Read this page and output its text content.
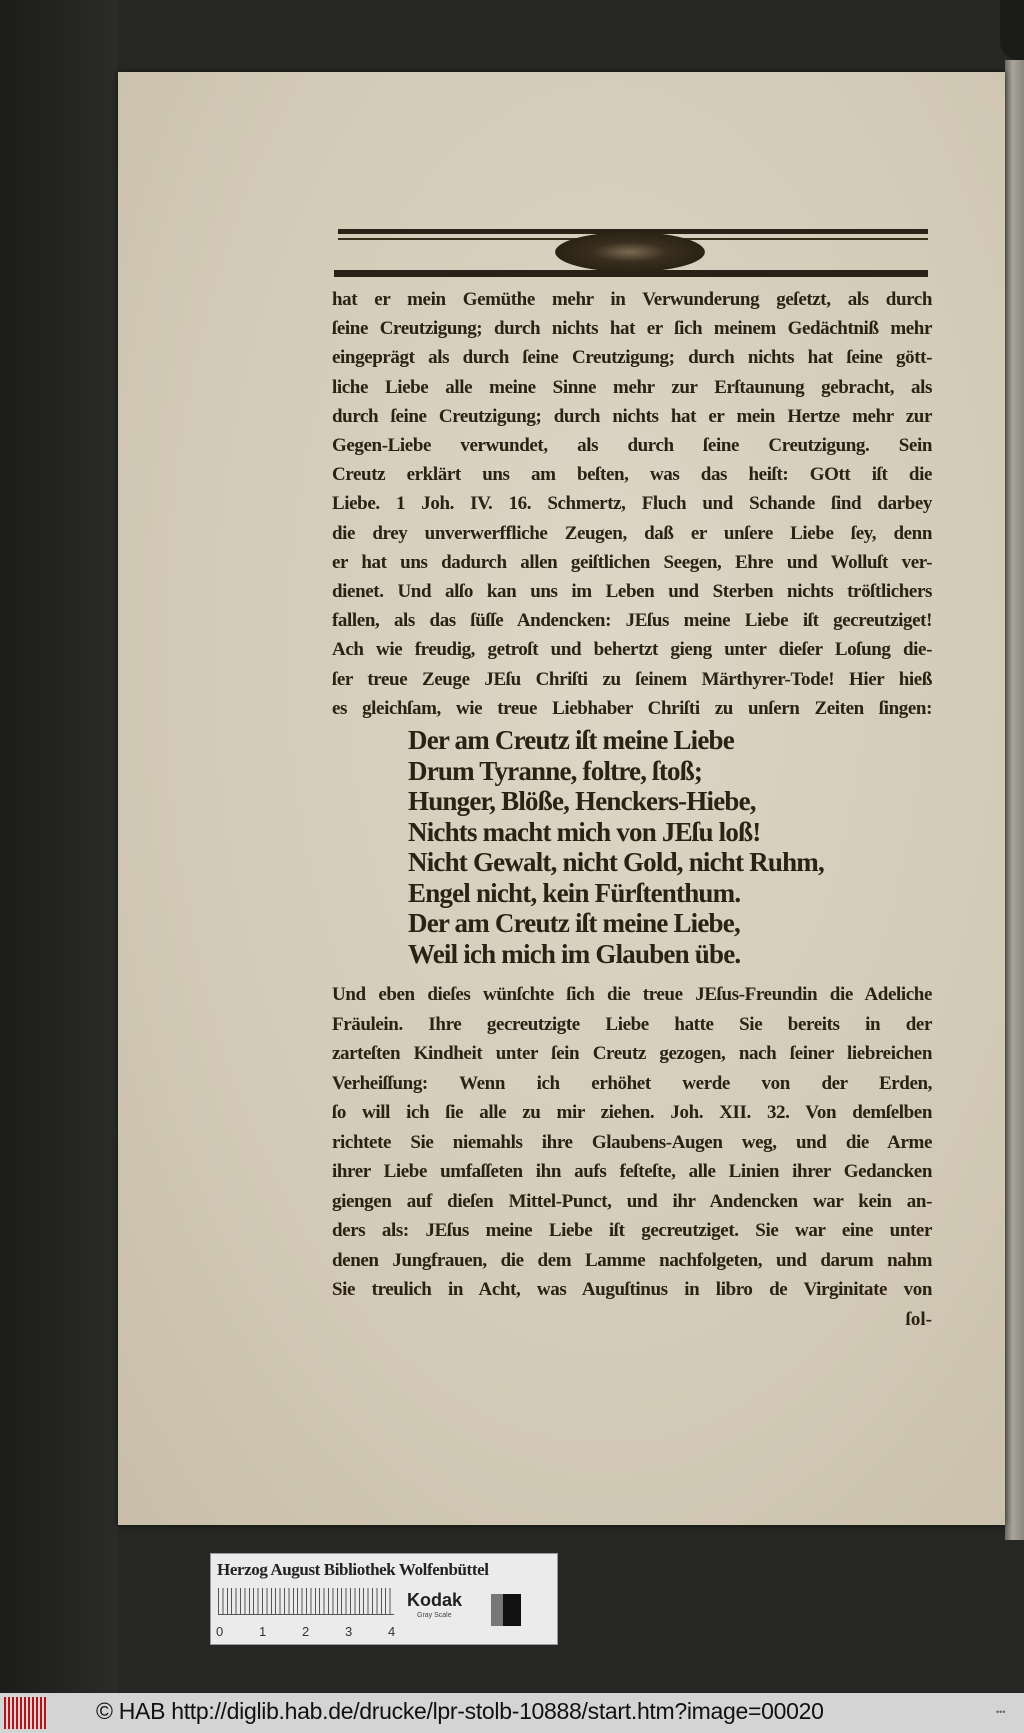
hat er mein Gemüthe mehr in Verwunderung geſetzt, als durch
ſeine Creutzigung; durch nichts hat er ſich meinem Gedächtniß mehr
eingeprägt als durch ſeine Creutzigung; durch nichts hat ſeine gött-
liche Liebe alle meine Sinne mehr zur Erſtaunung gebracht, als
durch ſeine Creutzigung; durch nichts hat er mein Hertze mehr zur
Gegen-Liebe verwundet, als durch ſeine Creutzigung. Sein
Creutz erklärt uns am beſten, was das heiſt: GOtt iſt die
Liebe. 1 Joh. IV. 16. Schmertz, Fluch und Schande ſind darbey
die drey unverwerffliche Zeugen, daß er unſere Liebe ſey, denn
er hat uns dadurch allen geiſtlichen Seegen, Ehre und Wolluſt ver-
dienet. Und alſo kan uns im Leben und Sterben nichts tröſtlichers
fallen, als das ſüſſe Andencken: JEſus meine Liebe iſt gecreutziget!
Ach wie freudig, getroſt und behertzt gieng unter dieſer Loſung die-
ſer treue Zeuge JEſu Chriſti zu ſeinem Märthyrer-Tode! Hier hieß
es gleichſam, wie treue Liebhaber Chriſti zu unſern Zeiten ſingen:
Der am Creutz iſt meine Liebe
Drum Tyranne, foltre, ſtoß;
Hunger, Blöße, Henckers-Hiebe,
Nichts macht mich von JEſu loß!
Nicht Gewalt, nicht Gold, nicht Ruhm,
Engel nicht, kein Fürſtenthum.
Der am Creutz iſt meine Liebe,
Weil ich mich im Glauben übe.
Und eben dieſes wünſchte ſich die treue JEſus-Freundin die Adeliche
Fräulein. Ihre gecreutzigte Liebe hatte Sie bereits in der
zarteſten Kindheit unter ſein Creutz gezogen, nach ſeiner liebreichen
Verheiſſung: Wenn ich erhöhet werde von der Erden,
ſo will ich ſie alle zu mir ziehen. Joh. XII. 32. Von demſelben
richtete Sie niemahls ihre Glaubens-Augen weg, und die Arme
ihrer Liebe umfaſſeten ihn aufs feſteſte, alle Linien ihrer Gedancken
giengen auf dieſen Mittel-Punct, und ihr Andencken war kein an-
ders als: JEſus meine Liebe iſt gecreutziget. Sie war eine unter
denen Jungfrauen, die dem Lamme nachfolgeten, und darum nahm
Sie treulich in Acht, was Auguſtinus in libro de Virginitate von
ſol-
Herzog August Bibliothek Wolfenbüttel
0	1	2	3	4
Kodak
Gray Scale
© HAB http://diglib.hab.de/drucke/lpr-stolb-10888/start.htm?image=00020	•••
